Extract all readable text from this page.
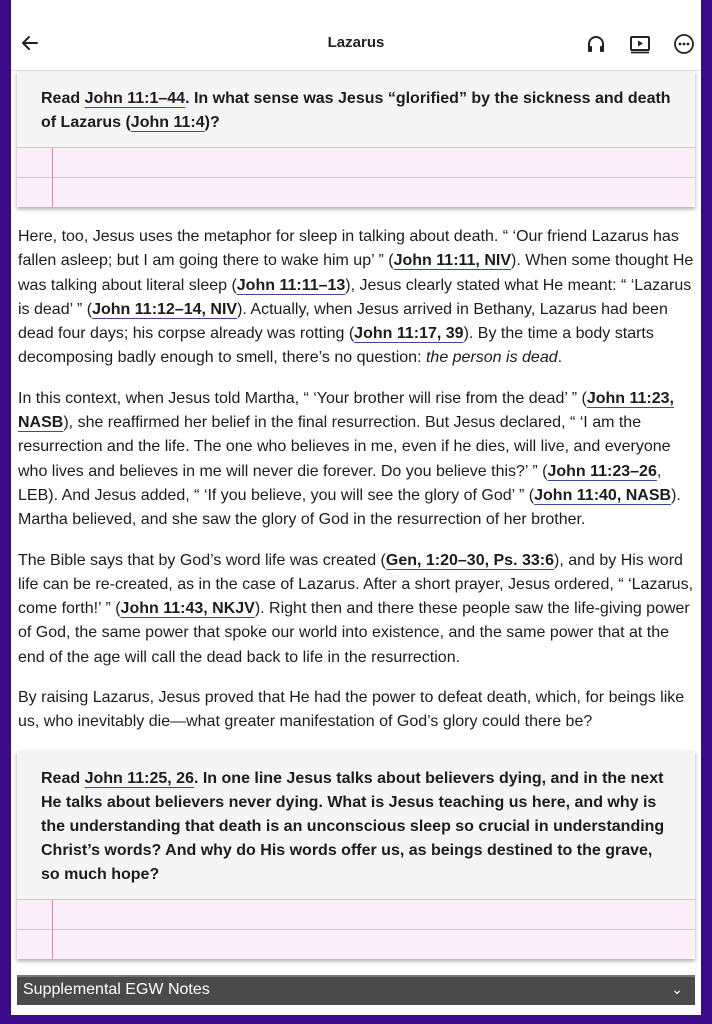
Lazarus
Read John 11:1–44. In what sense was Jesus “glorified” by the sickness and death of Lazarus (John 11:4)?

Here, too, Jesus uses the metaphor for sleep in talking about death. “ ‘Our friend Lazarus has fallen asleep; but I am going there to wake him up’ ” (John 11:11, NIV). When some thought He was talking about literal sleep (John 11:11–13), Jesus clearly stated what He meant: “ ‘Lazarus is dead’ ” (John 11:12–14, NIV). Actually, when Jesus arrived in Bethany, Lazarus had been dead four days; his corpse already was rotting (John 11:17, 39). By the time a body starts decomposing badly enough to smell, there’s no question: the person is dead.

In this context, when Jesus told Martha, “ ‘Your brother will rise from the dead’ ” (John 11:23, NASB), she reaffirmed her belief in the final resurrection. But Jesus declared, “ ‘I am the resurrection and the life. The one who believes in me, even if he dies, will live, and everyone who lives and believes in me will never die forever. Do you believe this?’ ” (John 11:23–26, LEB). And Jesus added, “ ‘If you believe, you will see the glory of God’ ” (John 11:40, NASB). Martha believed, and she saw the glory of God in the resurrection of her brother.

The Bible says that by God’s word life was created (Gen, 1:20–30, Ps. 33:6), and by His word life can be re-created, as in the case of Lazarus. After a short prayer, Jesus ordered, “ ‘Lazarus, come forth!’ ” (John 11:43, NKJV). Right then and there these people saw the life-giving power of God, the same power that spoke our world into existence, and the same power that at the end of the age will call the dead back to life in the resurrection.

By raising Lazarus, Jesus proved that He had the power to defeat death, which, for beings like us, who inevitably die—what greater manifestation of God’s glory could there be?

Read John 11:25, 26. In one line Jesus talks about believers dying, and in the next He talks about believers never dying. What is Jesus teaching us here, and why is the understanding that death is an unconscious sleep so crucial in understanding Christ’s words? And why do His words offer us, as beings destined to the grave, so much hope?
Supplemental EGW Notes	⌄
